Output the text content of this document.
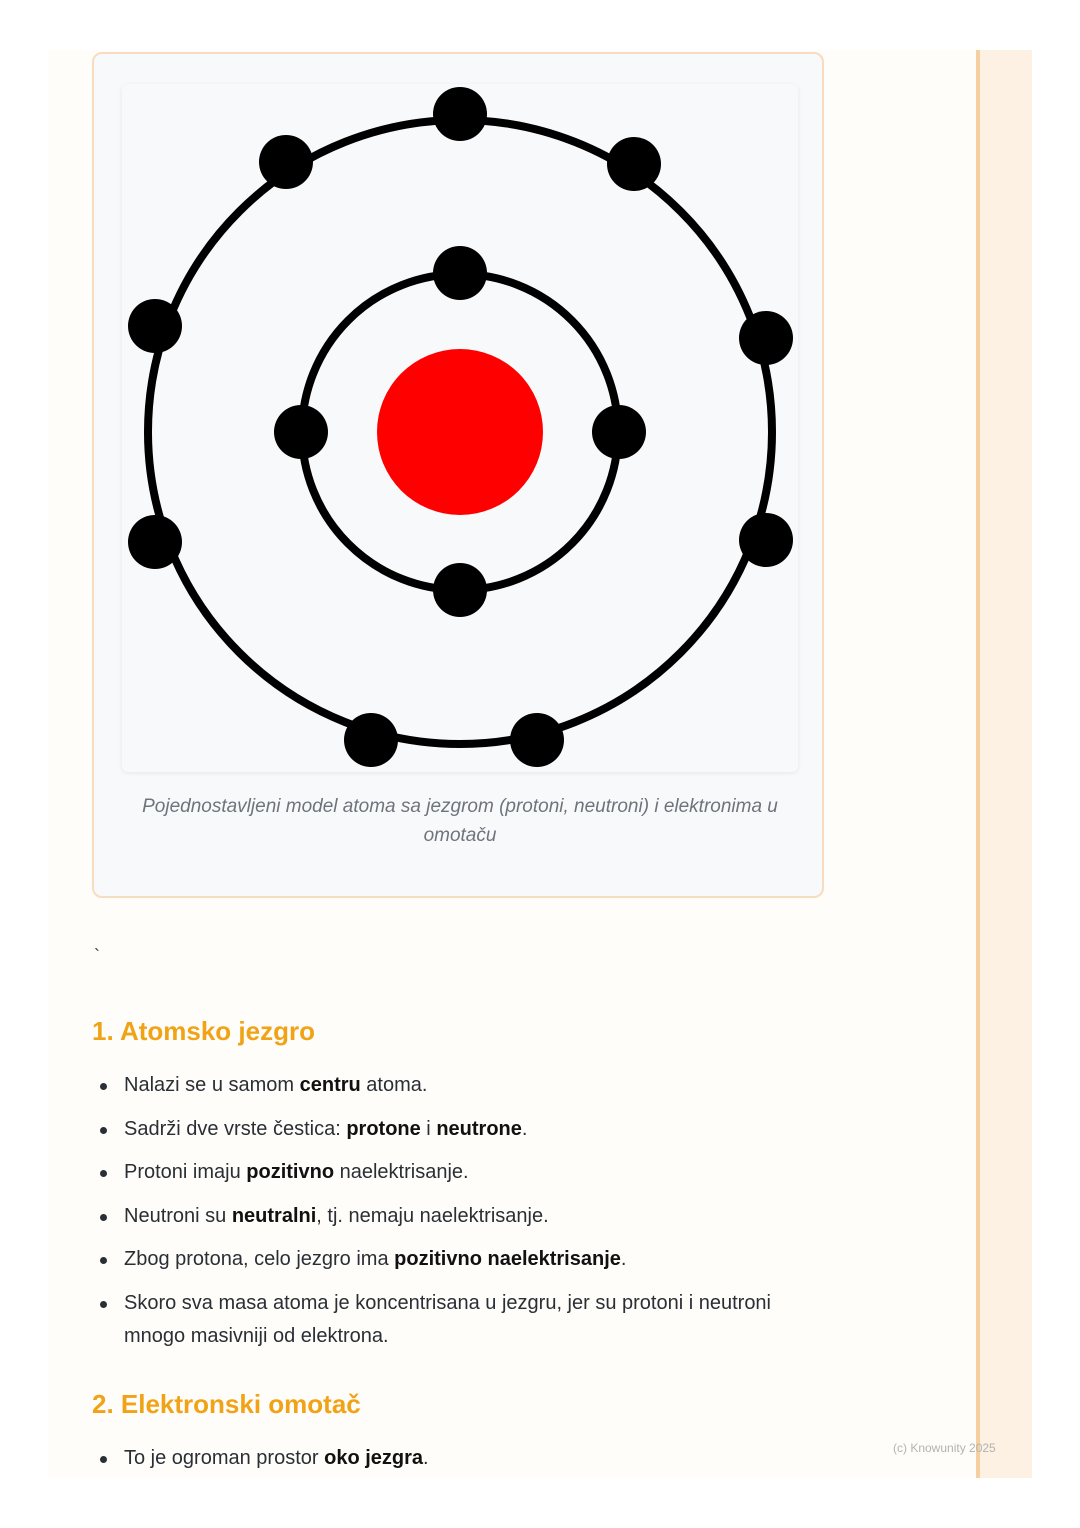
Pojednostavljeni model atoma sa jezgrom (protoni, neutroni) i elektronima u omotaču
`
1. Atomsko jezgro
Nalazi se u samom centru atoma.
Sadrži dve vrste čestica: protone i neutrone.
Protoni imaju pozitivno naelektrisanje.
Neutroni su neutralni, tj. nemaju naelektrisanje.
Zbog protona, celo jezgro ima pozitivno naelektrisanje.
Skoro sva masa atoma je koncentrisana u jezgru, jer su protoni i neutroni mnogo masivniji od elektrona.
2. Elektronski omotač
To je ogroman prostor oko jezgra.	(c) Knowunity 2025
